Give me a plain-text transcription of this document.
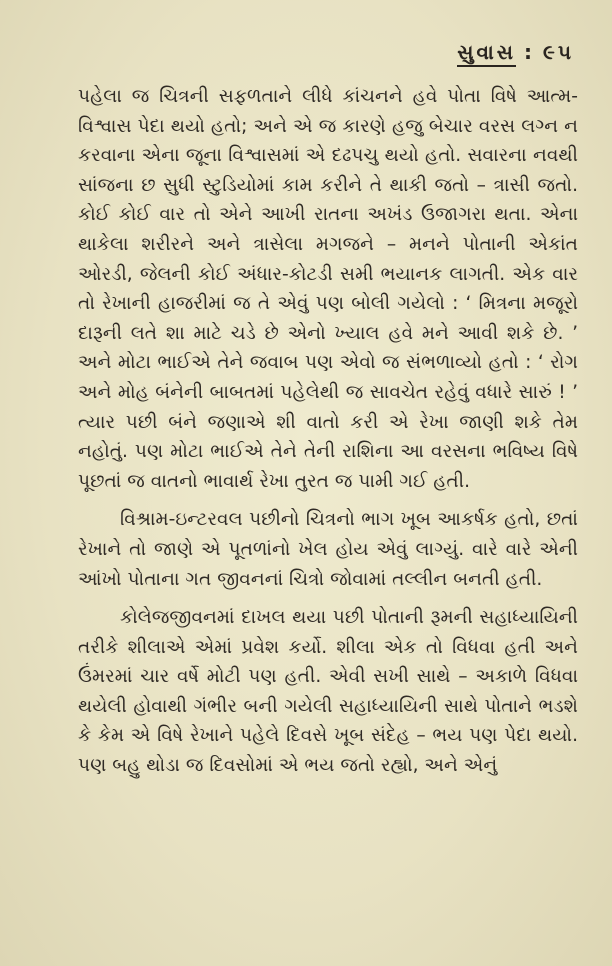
સુવાસ : ૯૫

પહેલા જ ચિત્રની સફળતાને લીધે કાંચનને હવે પોતા વિષે આત્મ-વિશ્વાસ પેદા થયો હતો; અને એ જ કારણે હજુ બેચાર વરસ લગ્ન ન કરવાના એના જૂના વિશ્વાસમાં એ દઢપચુ થયો હતો. સવારના નવથી સાંજના છ સુધી સ્ટુડિયોમાં કામ કરીને તે થાકી જતો – ત્રાસી જતો. કોઈ કોઈ વાર તો એને આખી રાતના અખંડ ઉજાગરા થતા. એના થાકેલા શરીરને અને ત્રાસેલા મગજને – મનને પોતાની એકાંત ઓરડી, જેલની કોઈ અંધાર-કોટડી સમી ભયાનક લાગતી. એક વાર તો રેખાની હાજરીમાં જ તે એવું પણ બોલી ગયેલો : ‘ મિત્રના મજૂરો દારૂની લતે શા માટે ચડે છે એનો ખ્યાલ હવે મને આવી શકે છે. ’ અને મોટા ભાઈએ તેને જવાબ પણ એવો જ સંભળાવ્યો હતો : ‘ રોગ અને મોહ બંનેની બાબતમાં પહેલેથી જ સાવચેત રહેવું વધારે સારું ! ’ ત્યાર પછી બંને જણાએ શી વાતો કરી એ રેખા જાણી શકે તેમ નહોતું. પણ મોટા ભાઈએ તેને તેની રાશિના આ વરસના ભવિષ્ય વિષે પૂછતાં જ વાતનો ભાવાર્થ રેખા તુરત જ પામી ગઈ હતી.

વિશ્રામ-ઇન્ટરવલ પછીનો ચિત્રનો ભાગ ખૂબ આકર્ષક હતો, છતાં રેખાને તો જાણે એ પૂતળાંનો ખેલ હોય એવું લાગ્યું. વારે વારે એની આંખો પોતાના ગત જીવનનાં ચિત્રો જોવામાં તલ્લીન બનતી હતી.

કોલેજજીવનમાં દાખલ થયા પછી પોતાની રૂમની સહાધ્યાયિની તરીકે શીલાએ એમાં પ્રવેશ કર્યો. શીલા એક તો વિધવા હતી અને ઉંમરમાં ચાર વર્ષે મોટી પણ હતી. એવી સખી સાથે – અકાળે વિધવા થયેલી હોવાથી ગંભીર બની ગયેલી સહાધ્યાયિની સાથે પોતાને ભડશે કે કેમ એ વિષે રેખાને પહેલે દિવસે ખૂબ સંદેહ – ભય પણ પેદા થયો. પણ બહુ થોડા જ દિવસોમાં એ ભય જતો રહ્યો, અને એનું
